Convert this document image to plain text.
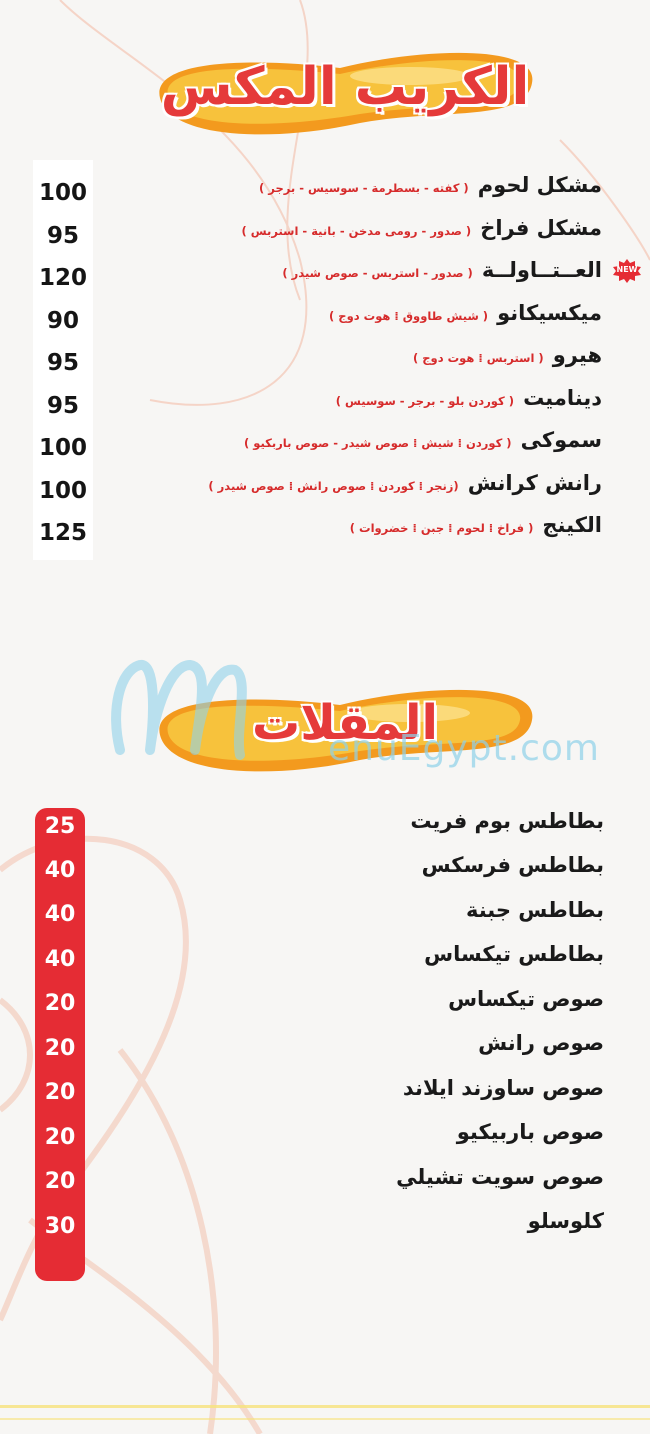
الكريب المكس
100
95
120
90
95
95
100
100
125
مشكل لحوم ( كفته - بسطرمة - سوسيس - برجر )
مشكل فراخ ( صدور - رومى مدخن - بانية - استربس )
العــتــاولــة ( صدور - استربس - صوص شيدر )	NEW
ميكسيكانو ( شيش طاووق ⁞ هوت دوج )
هيرو ( استربس ⁞ هوت دوج )
ديناميت ( كوردن بلو - برجر - سوسيس )
سموكى ( كوردن ⁞ شيش ⁞ صوص شيدر - صوص باربكيو )
رانش كرانش (زنجر ⁞ كوردن ⁞ صوص رانش ⁞ صوص شيدر )
الكينج ( فراخ ⁞ لحوم ⁞ جبن ⁞ خضروات )
المقلات
enuEgypt.com
25
40
40
40
20
20
20
20
20
30
بطاطس بوم فريت
بطاطس فرسكس
بطاطس جبنة
بطاطس تيكساس
صوص تيكساس
صوص رانش
صوص ساوزند ايلاند
صوص باربيكيو
صوص سويت تشيلي
كلوسلو
